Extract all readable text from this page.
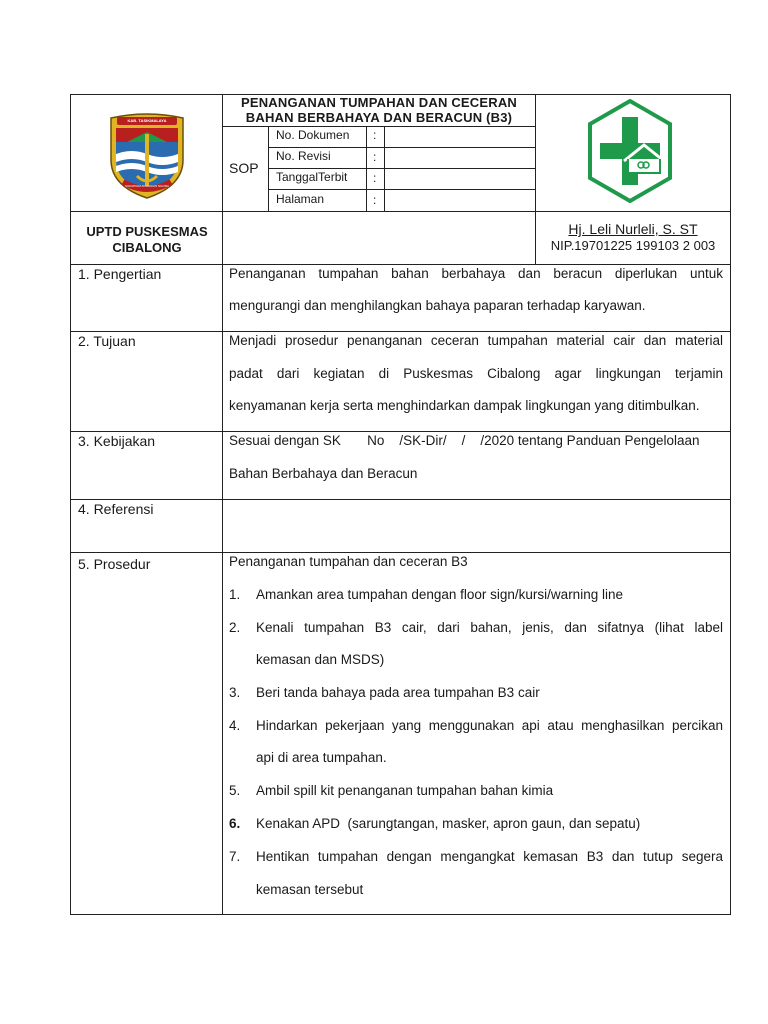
KAB. TASIKMALAYA
SUKAPURA NGADAUN NGORA
PENANGANAN TUMPAHAN DAN CECERAN
BAHAN BERBAHAYA DAN BERACUN (B3)
SOP
No. Dokumen :
No. Revisi	:
TanggalTerbit :
Halaman	:
UPTD PUSKESMAS
CIBALONG
Hj. Leli Nurleli, S. ST
NIP.19701225 199103 2 003
1. Pengertian	Penanganan tumpahan bahan berbahaya dan beracun diperlukan untuk
mengurangi dan menghilangkan bahaya paparan terhadap karyawan.
2. Tujuan	Menjadi prosedur penanganan ceceran tumpahan material cair dan material
padat dari kegiatan di Puskesmas Cibalong agar lingkungan terjamin
kenyamanan kerja serta menghindarkan dampak lingkungan yang ditimbulkan.
3. Kebijakan	Sesuai dengan SK       No    /SK-Dir/    /    /2020 tentang Panduan Pengelolaan
Bahan Berbahaya dan Beracun
4. Referensi
5. Prosedur	Penanganan tumpahan dan ceceran B3
1. Amankan area tumpahan dengan floor sign/kursi/warning line
2. Kenali tumpahan B3 cair, dari bahan, jenis, dan sifatnya (lihat label
kemasan dan MSDS)
3. Beri tanda bahaya pada area tumpahan B3 cair
4. Hindarkan pekerjaan yang menggunakan api atau menghasilkan percikan
api di area tumpahan.
5. Ambil spill kit penanganan tumpahan bahan kimia
6. Kenakan APD  (sarungtangan, masker, apron gaun, dan sepatu)
7. Hentikan tumpahan dengan mengangkat kemasan B3 dan tutup segera
kemasan tersebut
